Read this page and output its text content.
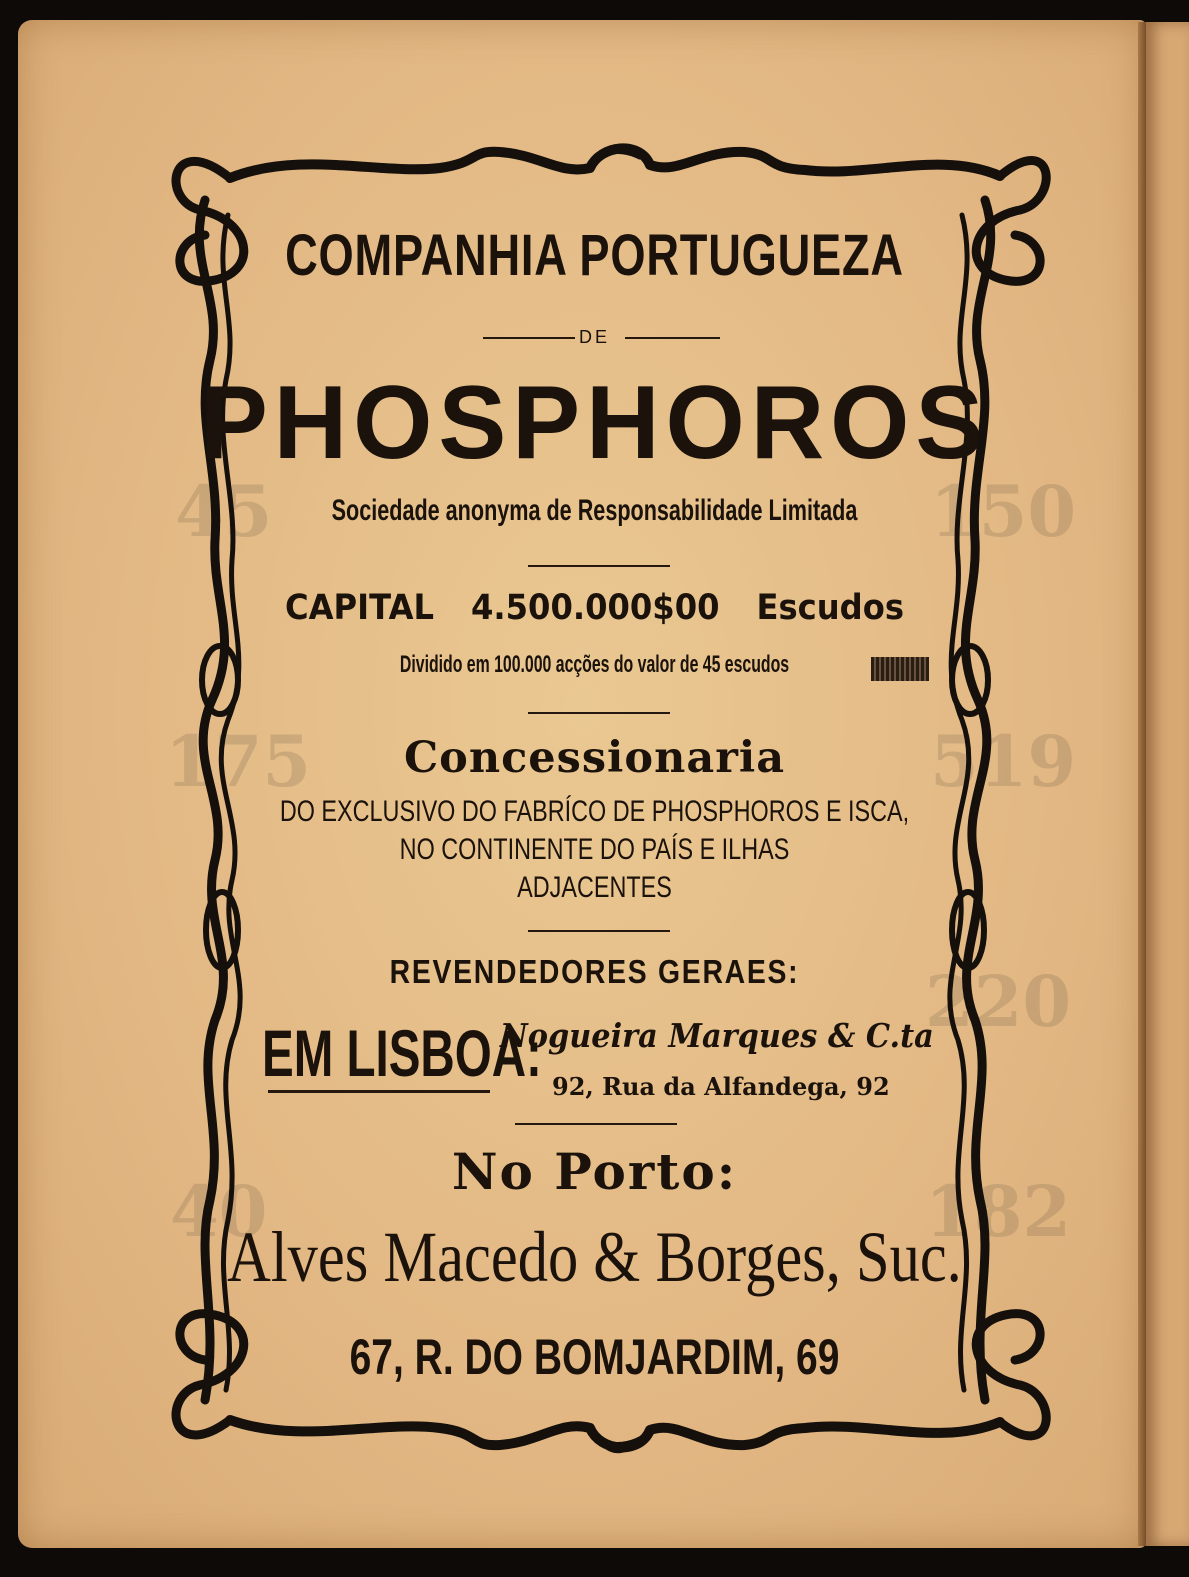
45	150
175	519
220
40	182
COMPANHIA PORTUGUEZA
DE
PHOSPHOROS
Sociedade anonyma de Responsabilidade Limitada
CAPITAL 4.500.000$00 Escudos
Dividido em 100.000 acções do valor de 45 escudos
Concessionaria
DO EXCLUSIVO DO FABRÍCO DE PHOSPHOROS E ISCA,
NO CONTINENTE DO PAÍS E ILHAS
ADJACENTES
REVENDEDORES GERAES:
EM LISBOA:
Nogueira Marques & C.ta
92, Rua da Alfandega, 92
No Porto:
Alves Macedo & Borges, Suc.
67, R. DO BOMJARDIM, 69
